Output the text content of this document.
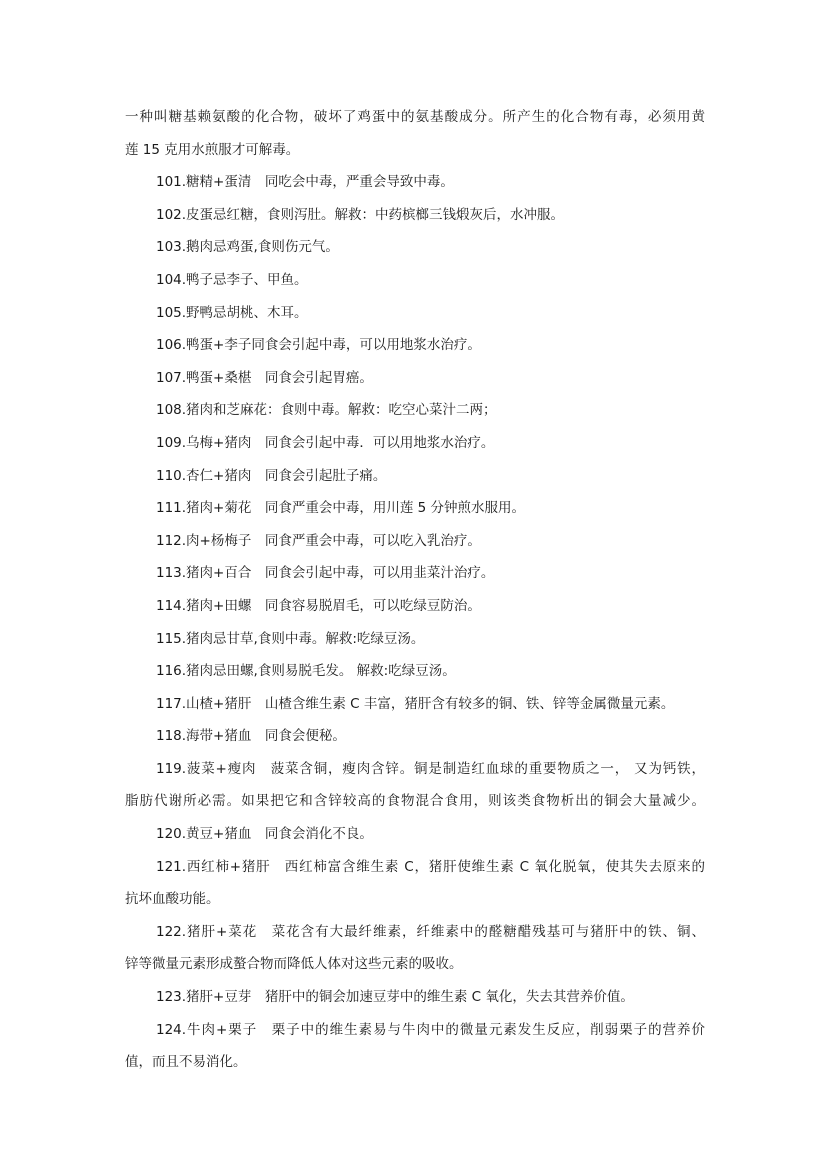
一种叫糖基赖氨酸的化合物，破坏了鸡蛋中的氨基酸成分。所产生的化合物有毒，必须用黄
莲 15 克用水煎服才可解毒。
101.糖精+蛋清　同吃会中毒，严重会导致中毒。
102.皮蛋忌红糖，食则泻肚。解救：中药槟榔三钱煅灰后，水冲服。
103.鹅肉忌鸡蛋,食则伤元气。
104.鸭子忌李子、甲鱼。
105.野鸭忌胡桃、木耳。
106.鸭蛋+李子同食会引起中毒，可以用地浆水治疗。
107.鸭蛋+桑椹　同食会引起胃癌。
108.猪肉和芝麻花：食则中毒。解救：吃空心菜汁二两；
109.乌梅+猪肉　同食会引起中毒．可以用地浆水治疗。
110.杏仁+猪肉　同食会引起肚子痛。
111.猪肉+菊花　同食严重会中毒，用川莲 5 分钟煎水服用。
112.肉+杨梅子　同食严重会中毒，可以吃入乳治疗。
113.猪肉+百合　同食会引起中毒，可以用韭菜汁治疗。
114.猪肉+田螺　同食容易脱眉毛，可以吃绿豆防治。
115.猪肉忌甘草,食则中毒。解救:吃绿豆汤。
116.猪肉忌田螺,食则易脱毛发。 解救:吃绿豆汤。
117.山楂+猪肝　山楂含维生素 C 丰富，猪肝含有较多的铜、铁、锌等金属微量元素。
118.海带+猪血　同食会便秘。
119.菠菜+瘦肉　菠菜含铜，瘦肉含锌。铜是制造红血球的重要物质之一， 又为钙铁，
脂肪代谢所必需。如果把它和含锌较高的食物混合食用，则该类食物析出的铜会大量减少。
120.黄豆+猪血　同食会消化不良。
121.西红柿+猪肝　西红柿富含维生素 C，猪肝使维生素 C 氧化脱氧，使其失去原来的
抗坏血酸功能。
122.猪肝+菜花　菜花含有大最纤维素，纤维素中的醛糖醋残基可与猪肝中的铁、铜、
锌等微量元素形成螯合物而降低人体对这些元素的吸收。
123.猪肝+豆芽　猪肝中的铜会加速豆芽中的维生素 C 氧化，失去其营养价值。
124.牛肉+栗子　栗子中的维生素易与牛肉中的微量元素发生反应，削弱栗子的营养价
值，而且不易消化。
